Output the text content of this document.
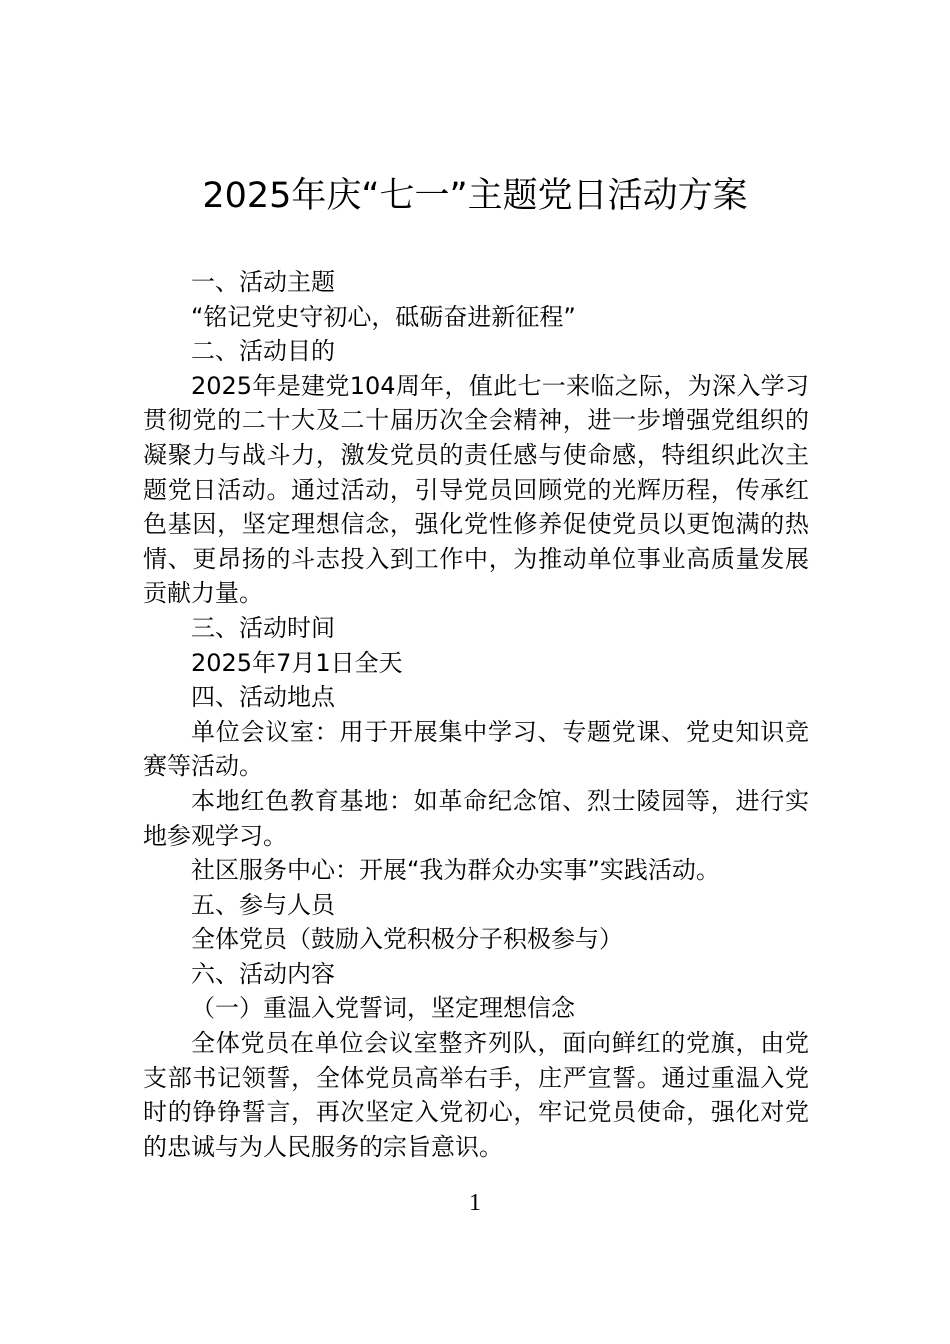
2025年庆“七一”主题党日活动方案

一、活动主题

“铭记党史守初心，砥砺奋进新征程”

二、活动目的

2025年是建党104周年，值此七一来临之际，为深入学习贯彻党的二十大及二十届历次全会精神，进一步增强党组织的凝聚力与战斗力，激发党员的责任感与使命感，特组织此次主题党日活动。通过活动，引导党员回顾党的光辉历程，传承红色基因，坚定理想信念，强化党性修养促使党员以更饱满的热情、更昂扬的斗志投入到工作中，为推动单位事业高质量发展贡献力量。

三、活动时间

2025年7月1日全天

四、活动地点

单位会议室：用于开展集中学习、专题党课、党史知识竞赛等活动。

本地红色教育基地：如革命纪念馆、烈士陵园等，进行实地参观学习。

社区服务中心：开展“我为群众办实事”实践活动。

五、参与人员

全体党员（鼓励入党积极分子积极参与）

六、活动内容

（一）重温入党誓词，坚定理想信念

全体党员在单位会议室整齐列队，面向鲜红的党旗，由党支部书记领誓，全体党员高举右手，庄严宣誓。通过重温入党时的铮铮誓言，再次坚定入党初心，牢记党员使命，强化对党的忠诚与为人民服务的宗旨意识。

1
